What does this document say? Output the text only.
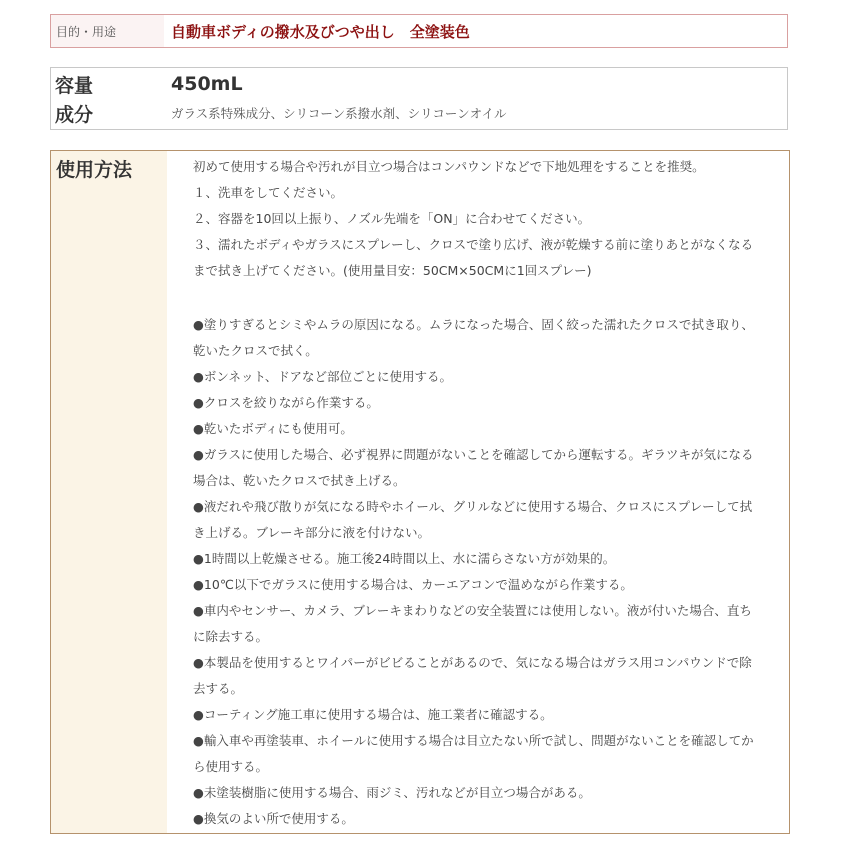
目的・用途	自動車ボディの撥水及びつや出し　全塗装色
容量	450mL
成分	ガラス系特殊成分、シリコーン系撥水剤、シリコーンオイル
使用方法	初めて使用する場合や汚れが目立つ場合はコンパウンドなどで下地処理をすることを推奨。
１、洗車をしてください。
２、容器を10回以上振り、ノズル先端を「ON」に合わせてください。
３、濡れたボディやガラスにスプレーし、クロスで塗り広げ、液が乾燥する前に塗りあとがなくなる
まで拭き上げてください。(使用量目安：50CM×50CMに1回スプレー)
●塗りすぎるとシミやムラの原因になる。ムラになった場合、固く絞った濡れたクロスで拭き取り、
乾いたクロスで拭く。
●ボンネット、ドアなど部位ごとに使用する。
●クロスを絞りながら作業する。
●乾いたボディにも使用可。
●ガラスに使用した場合、必ず視界に問題がないことを確認してから運転する。ギラツキが気になる
場合は、乾いたクロスで拭き上げる。
●液だれや飛び散りが気になる時やホイール、グリルなどに使用する場合、クロスにスプレーして拭
き上げる。ブレーキ部分に液を付けない。
●1時間以上乾燥させる。施工後24時間以上、水に濡らさない方が効果的。
●10℃以下でガラスに使用する場合は、カーエアコンで温めながら作業する。
●車内やセンサー、カメラ、ブレーキまわりなどの安全装置には使用しない。液が付いた場合、直ち
に除去する。
●本製品を使用するとワイパーがビビることがあるので、気になる場合はガラス用コンパウンドで除
去する。
●コーティング施工車に使用する場合は、施工業者に確認する。
●輸入車や再塗装車、ホイールに使用する場合は目立たない所で試し、問題がないことを確認してか
ら使用する。
●未塗装樹脂に使用する場合、雨ジミ、汚れなどが目立つ場合がある。
●換気のよい所で使用する。
